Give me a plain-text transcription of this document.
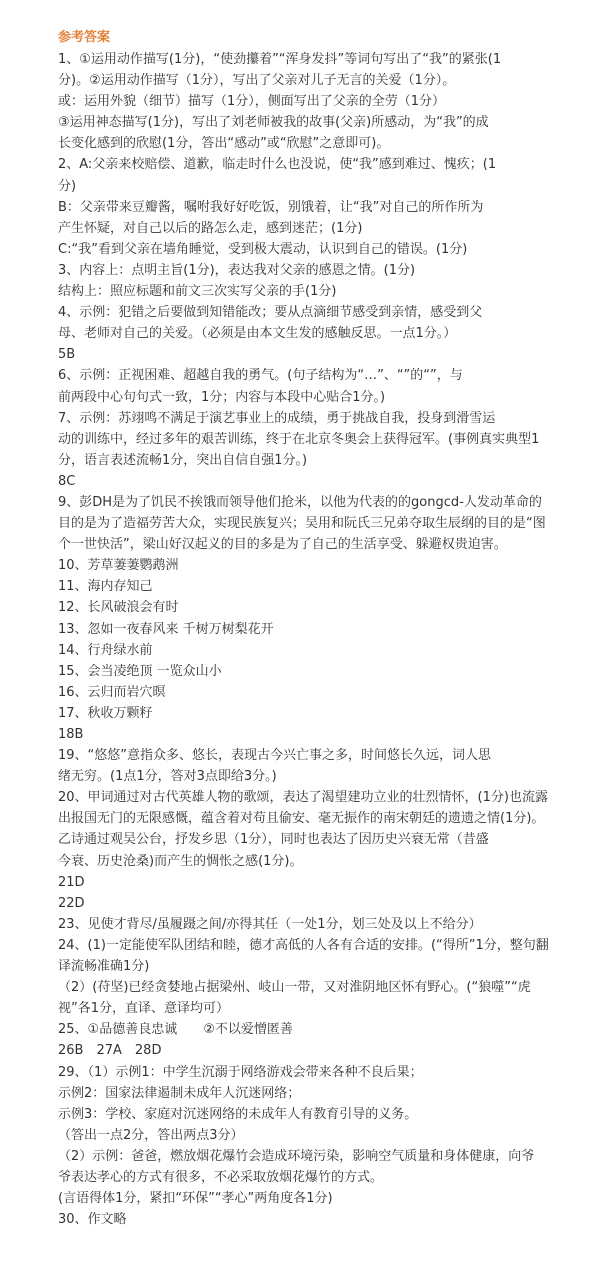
参考答案
1、①运用动作描写(1分)，“使劲攥着”“浑身发抖”等词句写出了“我”的紧张(1
分)。②运用动作描写（1分），写出了父亲对儿子无言的关爱（1分）。
或：运用外貌（细节）描写（1分），侧面写出了父亲的全劳（1分）
③运用神态描写(1分)，写出了刘老师被我的故事(父亲)所感动，为“我”的成
长变化感到的欣慰(1分，答出“感动”或“欣慰”之意即可)。
2、A:父亲来校赔偿、道歉，临走时什么也没说，使“我”感到难过、愧疚；(1
分)
B：父亲带来豆瓣酱，嘱咐我好好吃饭，别饿着，让“我”对自己的所作所为
产生怀疑，对自己以后的路怎么走，感到迷茫；(1分)
C:“我”看到父亲在墙角睡觉，受到极大震动，认识到自己的错误。(1分)
3、内容上：点明主旨(1分)，表达我对父亲的感恩之情。(1分)
结构上：照应标题和前文三次实写父亲的手(1分)
4、示例：犯错之后要做到知错能改；要从点滴细节感受到亲情，感受到父
母、老师对自己的关爱。（必须是由本文生发的感触反思。一点1分。）
5B
6、示例：正视困难、超越自我的勇气。(句子结构为“…”、“”的“”，与
前两段中心句句式一致，1分；内容与本段中心贴合1分。)
7、示例：苏翊鸣不满足于演艺事业上的成绩，勇于挑战自我，投身到滑雪运
动的训练中，经过多年的艰苦训练，终于在北京冬奥会上获得冠军。(事例真实典型1
分，语言表述流畅1分，突出自信自强1分。)
8C
9、彭DH是为了饥民不挨饿而领导他们抢米，以他为代表的的gongcd-人发动革命的
目的是为了造福劳苦大众，实现民族复兴；吴用和阮氏三兄弟夺取生辰纲的目的是“图
个一世快活”，梁山好汉起义的目的多是为了自己的生活享受、躲避权贵迫害。
10、芳草萋萋鹦鹉洲
11、海内存知己
12、长风破浪会有时
13、忽如一夜春风来 千树万树梨花开
14、行舟绿水前
15、会当凌绝顶 一览众山小
16、云归而岩穴暝
17、秋收万颗籽
18B
19、“悠悠”意指众多、悠长，表现古今兴亡事之多，时间悠长久远，词人思
绪无穷。(1点1分，答对3点即给3分。)
20、甲词通过对古代英雄人物的歌颂，表达了渴望建功立业的壮烈情怀，(1分)也流露
出报国无门的无限感慨，蕴含着对苟且偷安、毫无振作的南宋朝廷的遗遗之情(1分)。
乙诗通过观吴公台，抒发乡思（1分），同时也表达了因历史兴衰无常（昔盛
今衰、历史沧桑)而产生的惆怅之感(1分)。
21D
22D
23、见使才背尽/虽履蹑之间/亦得其任（一处1分，划三处及以上不给分）
24、(1)一定能使军队团结和睦，德才高低的人各有合适的安排。(“得所”1分，整句翻
译流畅准确1分)
（2）(苻坚)已经贪婪地占据梁州、岐山一带，又对淮阴地区怀有野心。(“狼噬”“虎
视”各1分，直译、意译均可）
25、①品德善良忠诚　　②不以爱憎匿善
26B　27A　28D
29、（1）示例1：中学生沉溺于网络游戏会带来各种不良后果；
示例2：国家法律遏制未成年人沉迷网络；
示例3：学校、家庭对沉迷网络的未成年人有教育引导的义务。
（答出一点2分，答出两点3分）
（2）示例：爸爸，燃放烟花爆竹会造成环境污染，影响空气质量和身体健康，向爷
爷表达孝心的方式有很多，不必采取放烟花爆竹的方式。
(言语得体1分，紧扣“环保”“孝心”两角度各1分)
30、作文略
